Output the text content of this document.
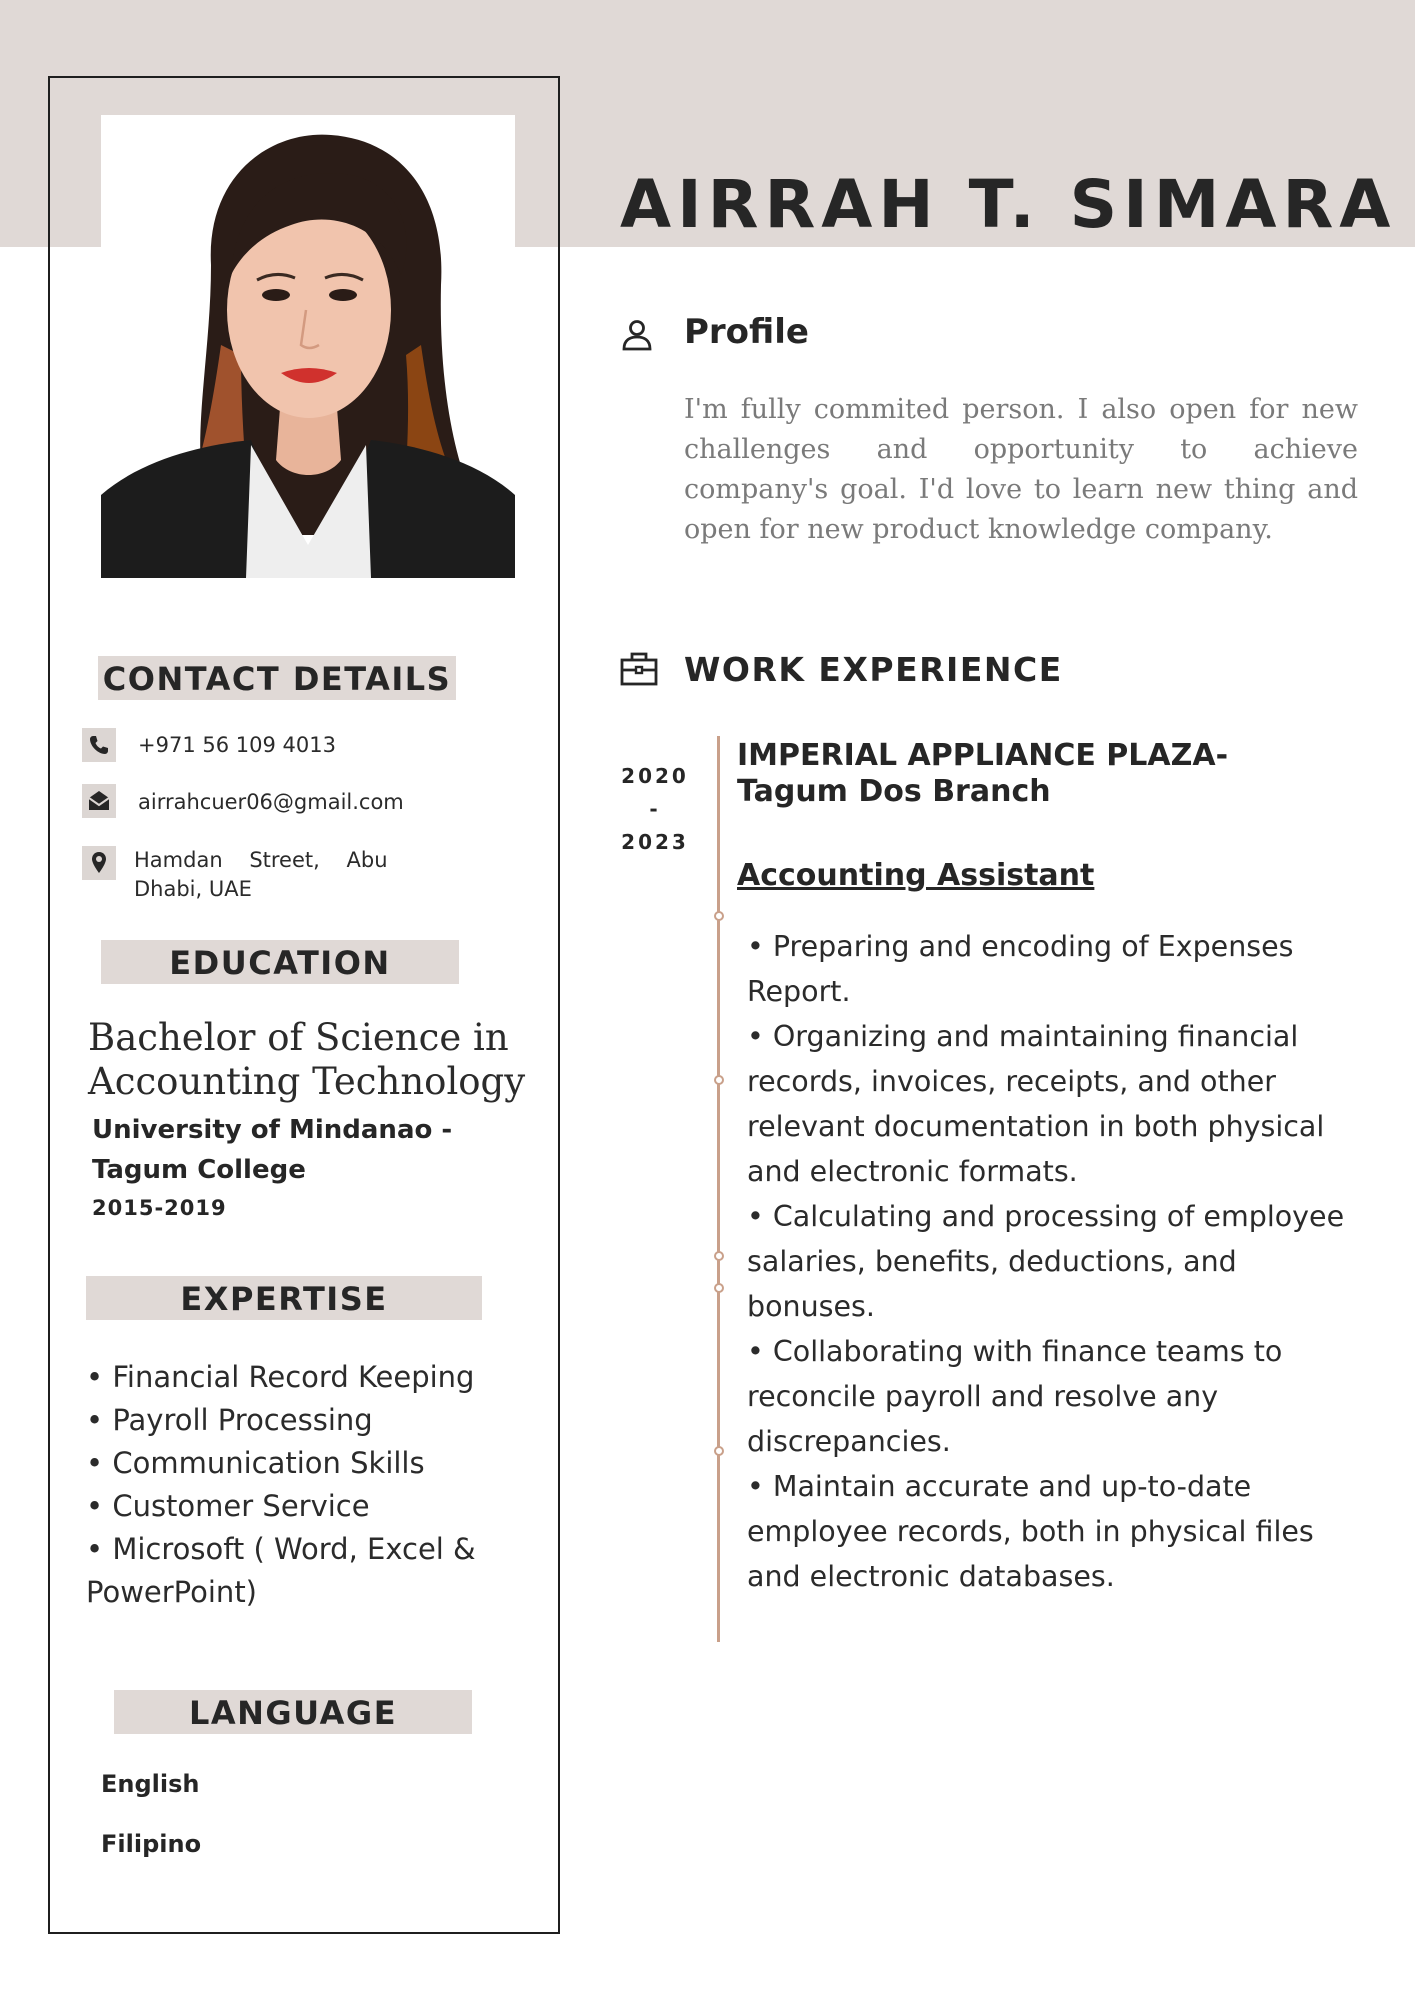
AIRRAH T. SIMARA
Profile
I'm fully commited person. I also open for new challenges and opportunity to achieve company's goal. I'd love to learn new thing and open for new product knowledge company.
WORK EXPERIENCE
2020
-
2023
IMPERIAL APPLIANCE PLAZA-
Tagum Dos Branch
Accounting Assistant
• Preparing and encoding of Expenses Report.
• Organizing and maintaining financial records, invoices, receipts, and other relevant documentation in both physical and electronic formats.
• Calculating and processing of employee salaries, benefits, deductions, and bonuses.
• Collaborating with finance teams to reconcile payroll and resolve any discrepancies.
• Maintain accurate and up-to-date employee records, both in physical files and electronic databases.
CONTACT DETAILS
+971 56 109 4013
airrahcuer06@gmail.com
Hamdan    Street,    Abu
Dhabi, UAE
EDUCATION
Bachelor of Science in
Accounting Technology
University of Mindanao -
Tagum College
2015-2019
EXPERTISE
• Financial Record Keeping
• Payroll Processing
• Communication Skills
• Customer Service
• Microsoft ( Word, Excel & PowerPoint)
LANGUAGE
English
Filipino
